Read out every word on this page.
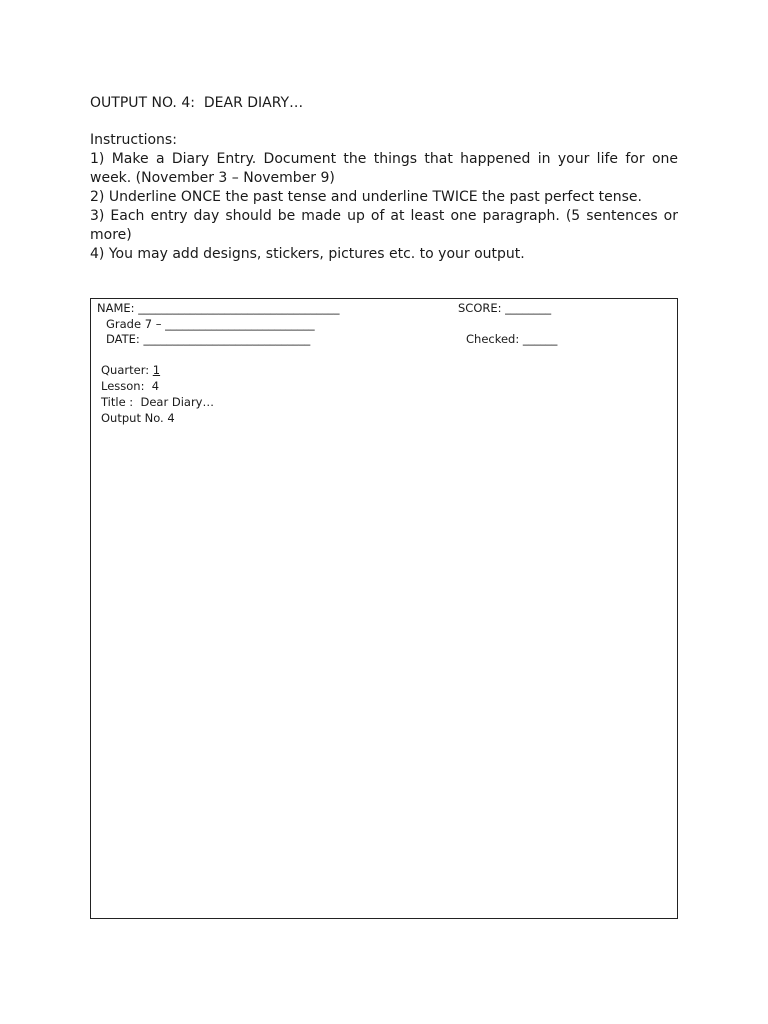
OUTPUT NO. 4:  DEAR DIARY…
Instructions:
1) Make a Diary Entry. Document the things that happened in your life for one week. (November 3 – November 9)
2) Underline ONCE the past tense and underline TWICE the past perfect tense.
3) Each entry day should be made up of at least one paragraph. (5 sentences or more)
4) You may add designs, stickers, pictures etc. to your output.
NAME: ___________________________________	SCORE: ________
Grade 7 – __________________________
DATE: _____________________________	Checked: ______
Quarter: 1
Lesson:  4
Title :  Dear Diary…
Output No. 4
